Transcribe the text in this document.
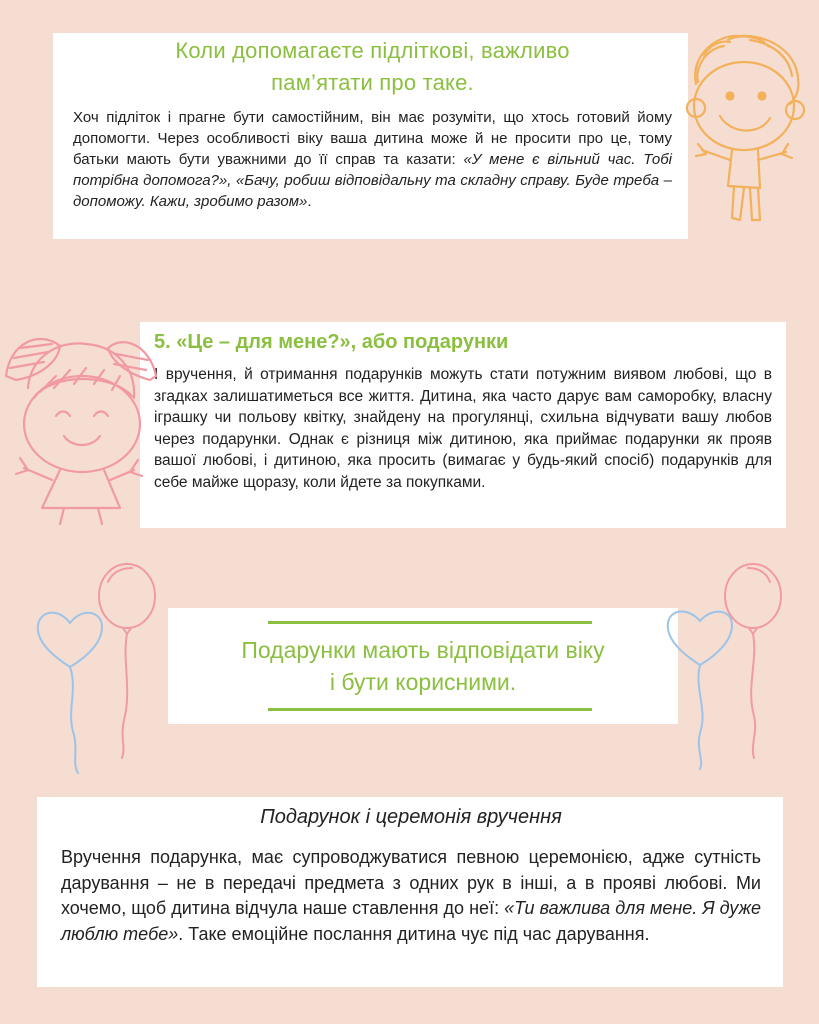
Коли допомагаєте підліткові, важливо
пам’ятати про таке.
Хоч підліток і прагне бути самостійним, він має розуміти, що хтось готовий йому допомогти. Через особливості віку ваша дитина може й не просити про це, тому батьки мають бути уважними до її справ та казати: «У мене є вільний час. Тобі потрібна допомога?», «Бачу, робиш відповідальну та складну справу. Буде треба – допоможу. Кажи, зробимо разом».
5. «Це – для мене?», або подарунки
І вручення, й отримання подарунків можуть стати потужним виявом любові, що в згадках залишатиметься все життя. Дитина, яка часто дарує вам саморобку, власну іграшку чи польову квітку, знайдену на прогулянці, схильна відчувати вашу любов через подарунки. Однак є різниця між дитиною, яка приймає подарунки як прояв вашої любові, і дитиною, яка просить (вимагає у будь-який спосіб) подарунків для себе майже щоразу, коли йдете за покупками.
Подарунки мають відповідати віку
і бути корисними.
Подарунок і церемонія вручення
Вручення подарунка, має супроводжуватися певною церемонією, адже сутність дарування – не в передачі предмета з одних рук в інші, а в прояві любові. Ми хочемо, щоб дитина відчула наше ставлення до неї: «Ти важлива для мене. Я дуже люблю тебе». Таке емоційне послання дитина чує під час дарування.
